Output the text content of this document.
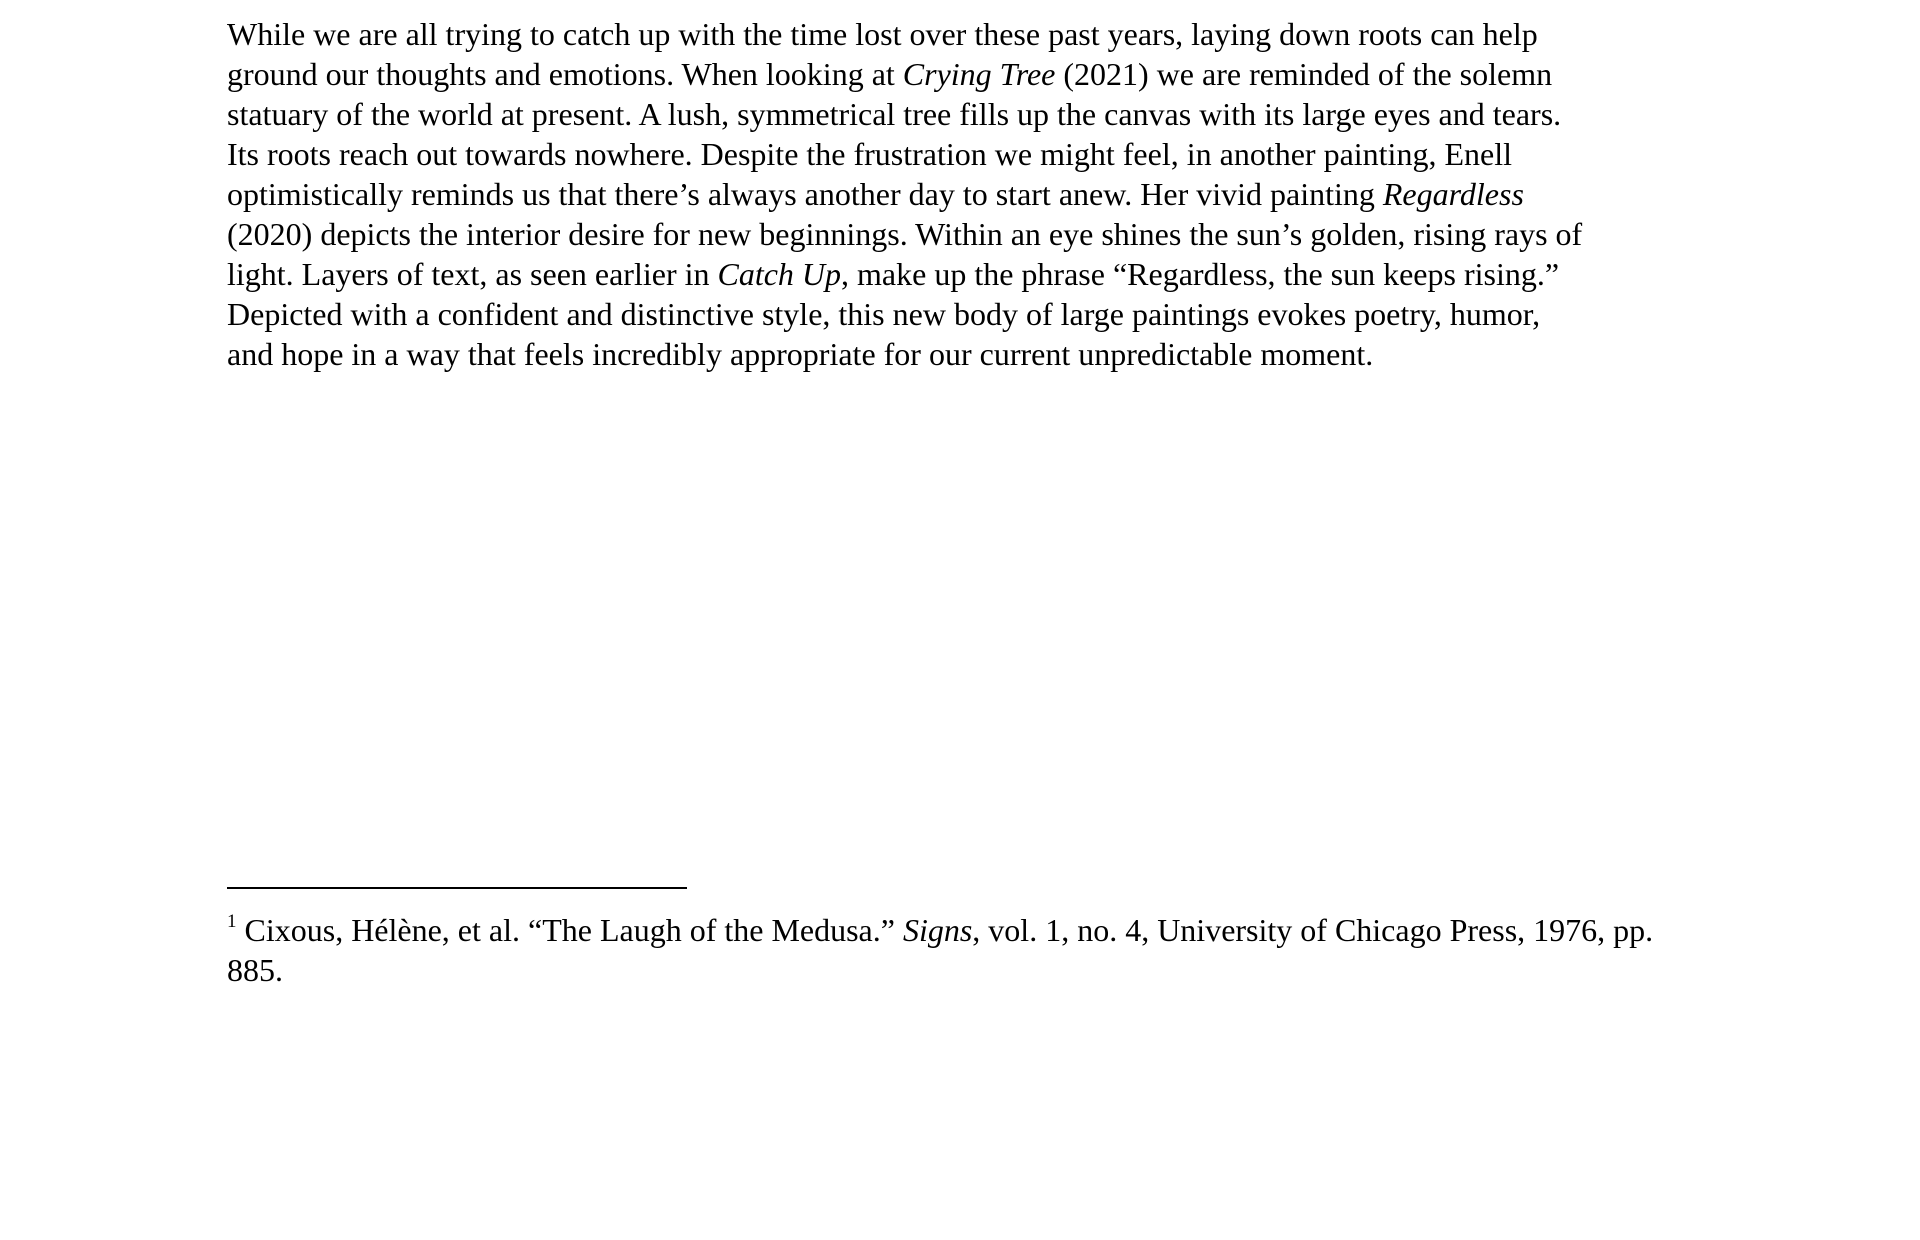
While we are all trying to catch up with the time lost over these past years, laying down roots can help
ground our thoughts and emotions. When looking at Crying Tree (2021) we are reminded of the solemn
statuary of the world at present. A lush, symmetrical tree fills up the canvas with its large eyes and tears.
Its roots reach out towards nowhere. Despite the frustration we might feel, in another painting, Enell
optimistically reminds us that there’s always another day to start anew. Her vivid painting Regardless
(2020) depicts the interior desire for new beginnings. Within an eye shines the sun’s golden, rising rays of
light. Layers of text, as seen earlier in Catch Up, make up the phrase “Regardless, the sun keeps rising.”
Depicted with a confident and distinctive style, this new body of large paintings evokes poetry, humor,
and hope in a way that feels incredibly appropriate for our current unpredictable moment.

$^1$ Cixous, Hélène, et al. “The Laugh of the Medusa.” Signs, vol. 1, no. 4, University of Chicago Press, 1976, pp.
885.
